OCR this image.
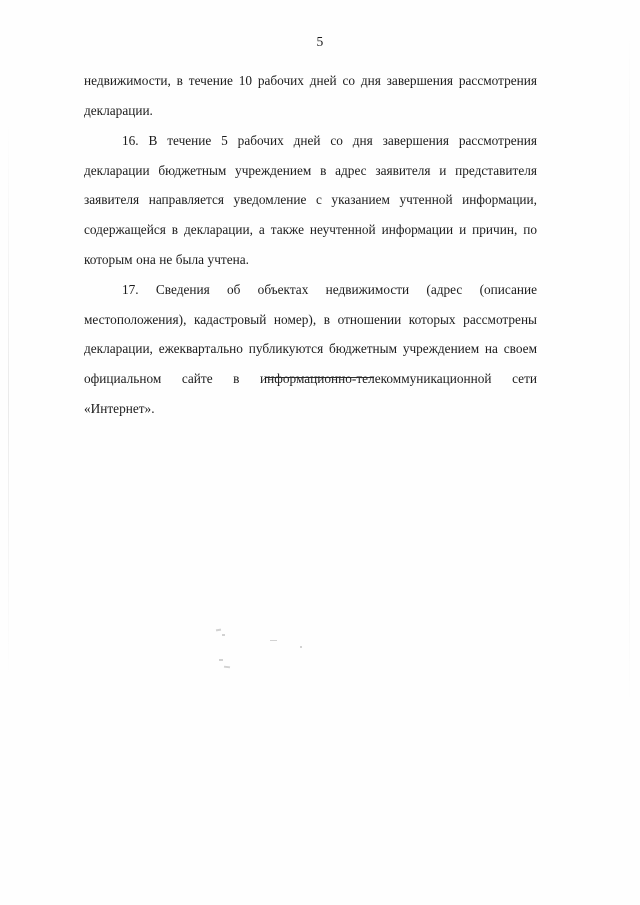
5

недвижимости, в течение 10 рабочих дней со дня завершения рассмотрения декларации.

16. В течение 5 рабочих дней со дня завершения рассмотрения декларации бюджетным учреждением в адрес заявителя и представителя заявителя направляется уведомление с указанием учтенной информации, содержащейся в декларации, а также неучтенной информации и причин, по которым она не была учтена.

17. Сведения об объектах недвижимости (адрес (описание местоположения), кадастровый номер), в отношении которых рассмотрены декларации, ежеквартально публикуются бюджетным учреждением на своем официальном сайте в информационно-телекоммуникационной сети «Интернет».
